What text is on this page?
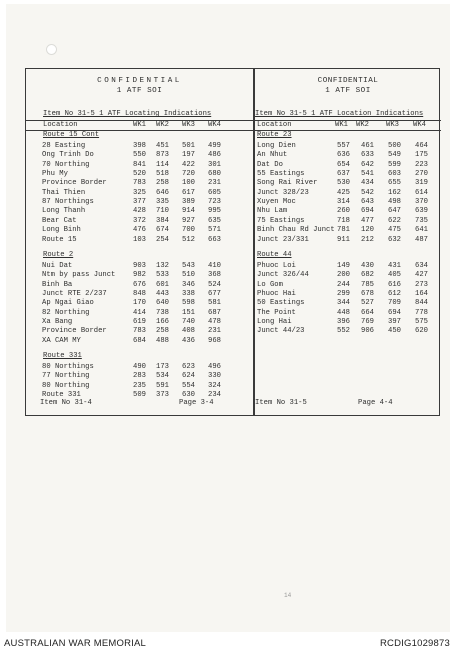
CONFIDENTIAL
1 ATF SOI
Item No 31-5 1 ATF Locating Indications
Location	WK1 WK2 WK3 WK4
Route 15 Cont
28 Easting	398 451 501 499
Ong Trinh Do	550 873 197 486
70 Northing	841 114 422 301
Phu My	520 518 720 680
Province Border	783 258 100 231
Thai Thien	325 646 617 605
87 Northings	377 335 389 723
Long Thanh	428 710 914 995
Bear Cat	372 384 927 635
Long Binh	476 674 700 571
Route 15	103 254 512 663
Route 2
Nui Dat	903 132 543 410
Ntm by pass Junct 982 533 510 368
Binh Ba	676 601 346 524
Junct RTE 2/237	848 443 338 677
Ap Ngai Giao	170 640 598 581
82 Northing	414 738 151 687
Xa Bang	619 166 740 478
Province Border	783 258 408 231
XA CAM MY	684 488 436 968
Route 331
80 Northings	490 173 623 496
77 Northing	283 534 624 330
80 Northing	235 591 554 324
Route 331	509 373 630 234
Item No 31-4	Page 3-4
CONFIDENTIAL
1 ATF SOI
Item No 31-5 1 ATF Location Indications
Location	WK1 WK2 WK3 WK4
Route 23
Long Dien	557 461 500 464
An Nhut	636 633 549 175
Dat Do	654 642 599 223
55 Eastings	637 541 603 270
Song Rai River	530 434 655 319
Junct 328/23	425 542 162 614
Xuyen Moc	314 643 498 370
Nhu Lam	260 694 647 639
75 Eastings	718 477 622 735
Binh Chau Rd Junct 781 120 475 641
Junct 23/331	911 212 632 487
Route 44
Phuoc Loi	149 430 431 634
Junct 326/44	200 682 405 427
Lo Gom	244 785 616 273
Phuoc Hai	299 678 612 164
50 Eastings	344 527 709 844
The Point	448 664 694 778
Long Hai	396 769 397 575
Junct 44/23	552 906 450 620
Item No 31-5	Page 4-4
14
AUSTRALIAN WAR MEMORIAL	RCDIG1029873
